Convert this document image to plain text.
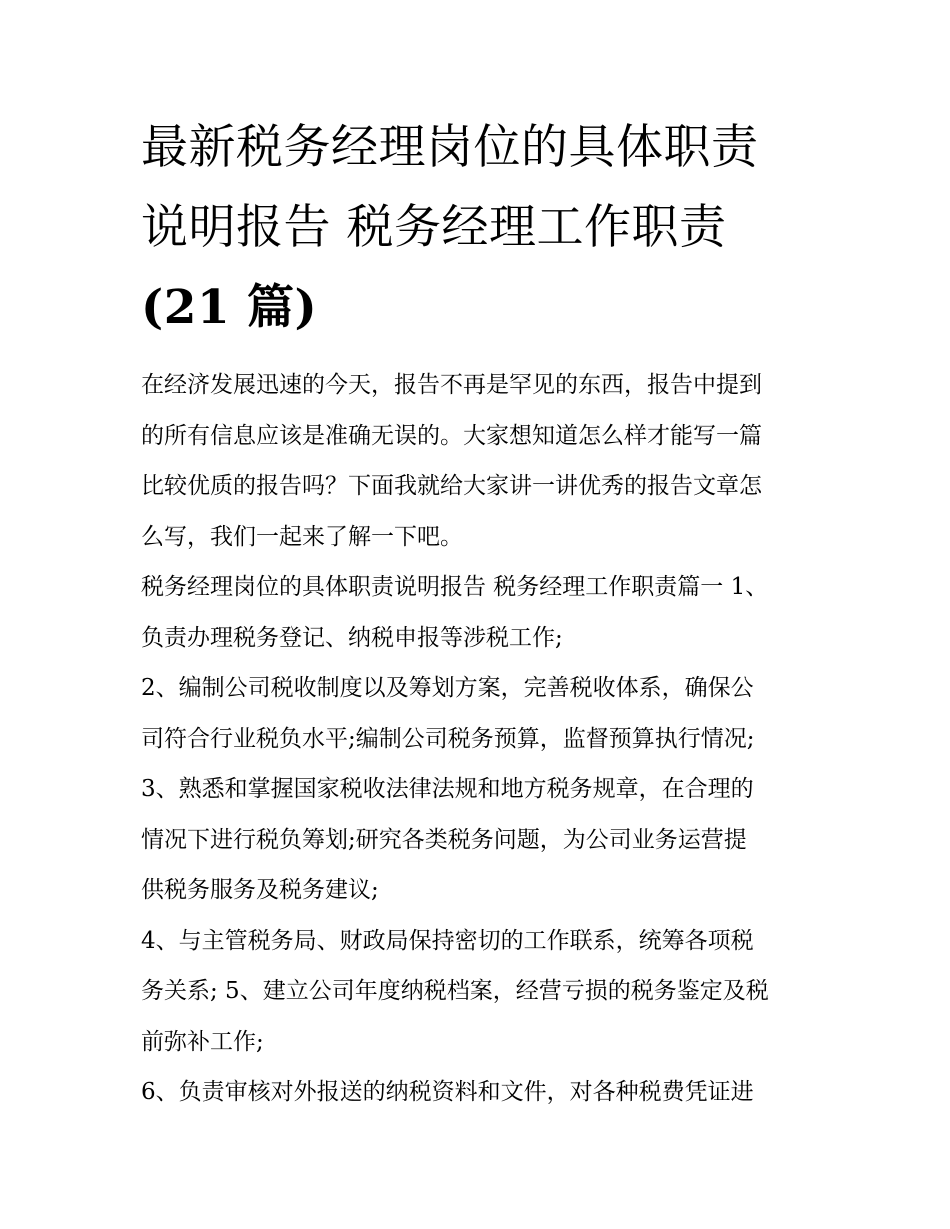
最新税务经理岗位的具体职责
说明报告 税务经理工作职责
(21 篇)

在经济发展迅速的今天，报告不再是罕见的东西，报告中提到
的所有信息应该是准确无误的。大家想知道怎么样才能写一篇
比较优质的报告吗？下面我就给大家讲一讲优秀的报告文章怎
么写，我们一起来了解一下吧。

税务经理岗位的具体职责说明报告 税务经理工作职责篇一 1、
负责办理税务登记、纳税申报等涉税工作;

2、编制公司税收制度以及筹划方案，完善税收体系，确保公
司符合行业税负水平;编制公司税务预算，监督预算执行情况;

3、熟悉和掌握国家税收法律法规和地方税务规章，在合理的
情况下进行税负筹划;研究各类税务问题，为公司业务运营提
供税务服务及税务建议;

4、与主管税务局、财政局保持密切的工作联系，统筹各项税
务关系; 5、建立公司年度纳税档案，经营亏损的税务鉴定及税
前弥补工作;

6、负责审核对外报送的纳税资料和文件，对各种税费凭证进
